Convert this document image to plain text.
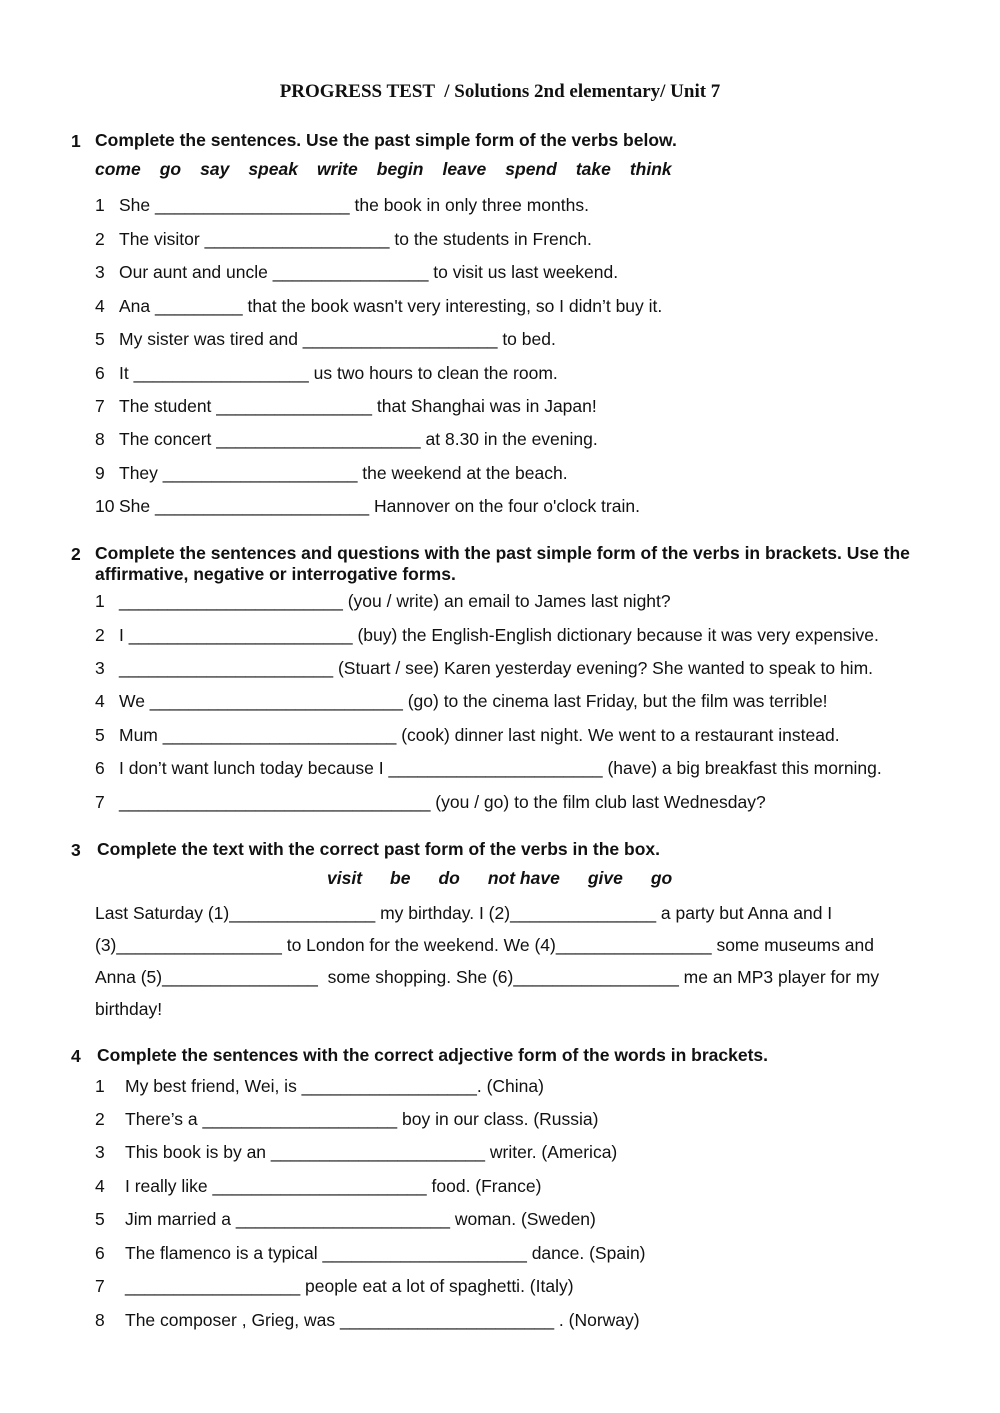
PROGRESS TEST  / Solutions 2nd elementary/ Unit 7
1 Complete the sentences. Use the past simple form of the verbs below.
come go say speak write begin leave spend take think
1 She ____________________ the book in only three months.
2 The visitor ___________________ to the students in French.
3 Our aunt and uncle ________________ to visit us last weekend.
4 Ana _________ that the book wasn't very interesting, so I didn’t buy it.
5 My sister was tired and ____________________ to bed.
6 It __________________ us two hours to clean the room.
7 The student ________________ that Shanghai was in Japan!
8 The concert _____________________ at 8.30 in the evening.
9 They ____________________ the weekend at the beach.
10 She ______________________ Hannover on the four o'clock train.
2 Complete the sentences and questions with the past simple form of the verbs in brackets. Use the affirmative, negative or interrogative forms.
1 _______________________ (you / write) an email to James last night?
2 I _______________________ (buy) the English-English dictionary because it was very expensive.
3 ______________________ (Stuart / see) Karen yesterday evening? She wanted to speak to him.
4 We __________________________ (go) to the cinema last Friday, but the film was terrible!
5 Mum ________________________ (cook) dinner last night. We went to a restaurant instead.
6 I don’t want lunch today because I ______________________ (have) a big breakfast this morning.
7 ________________________________ (you / go) to the film club last Wednesday?
3 Complete the text with the correct past form of the verbs in the box.
visit be do not have give go
Last Saturday (1)_______________ my birthday. I (2)_______________ a party but Anna and I
(3)_________________ to London for the weekend. We (4)________________ some museums and
Anna (5)________________  some shopping. She (6)_________________ me an MP3 player for my
birthday!
4 Complete the sentences with the correct adjective form of the words in brackets.
1 My best friend, Wei, is __________________. (China)
2 There’s a ____________________ boy in our class. (Russia)
3 This book is by an ______________________ writer. (America)
4 I really like ______________________ food. (France)
5 Jim married a ______________________ woman. (Sweden)
6 The flamenco is a typical _____________________ dance. (Spain)
7 __________________ people eat a lot of spaghetti. (Italy)
8 The composer , Grieg, was ______________________ . (Norway)
